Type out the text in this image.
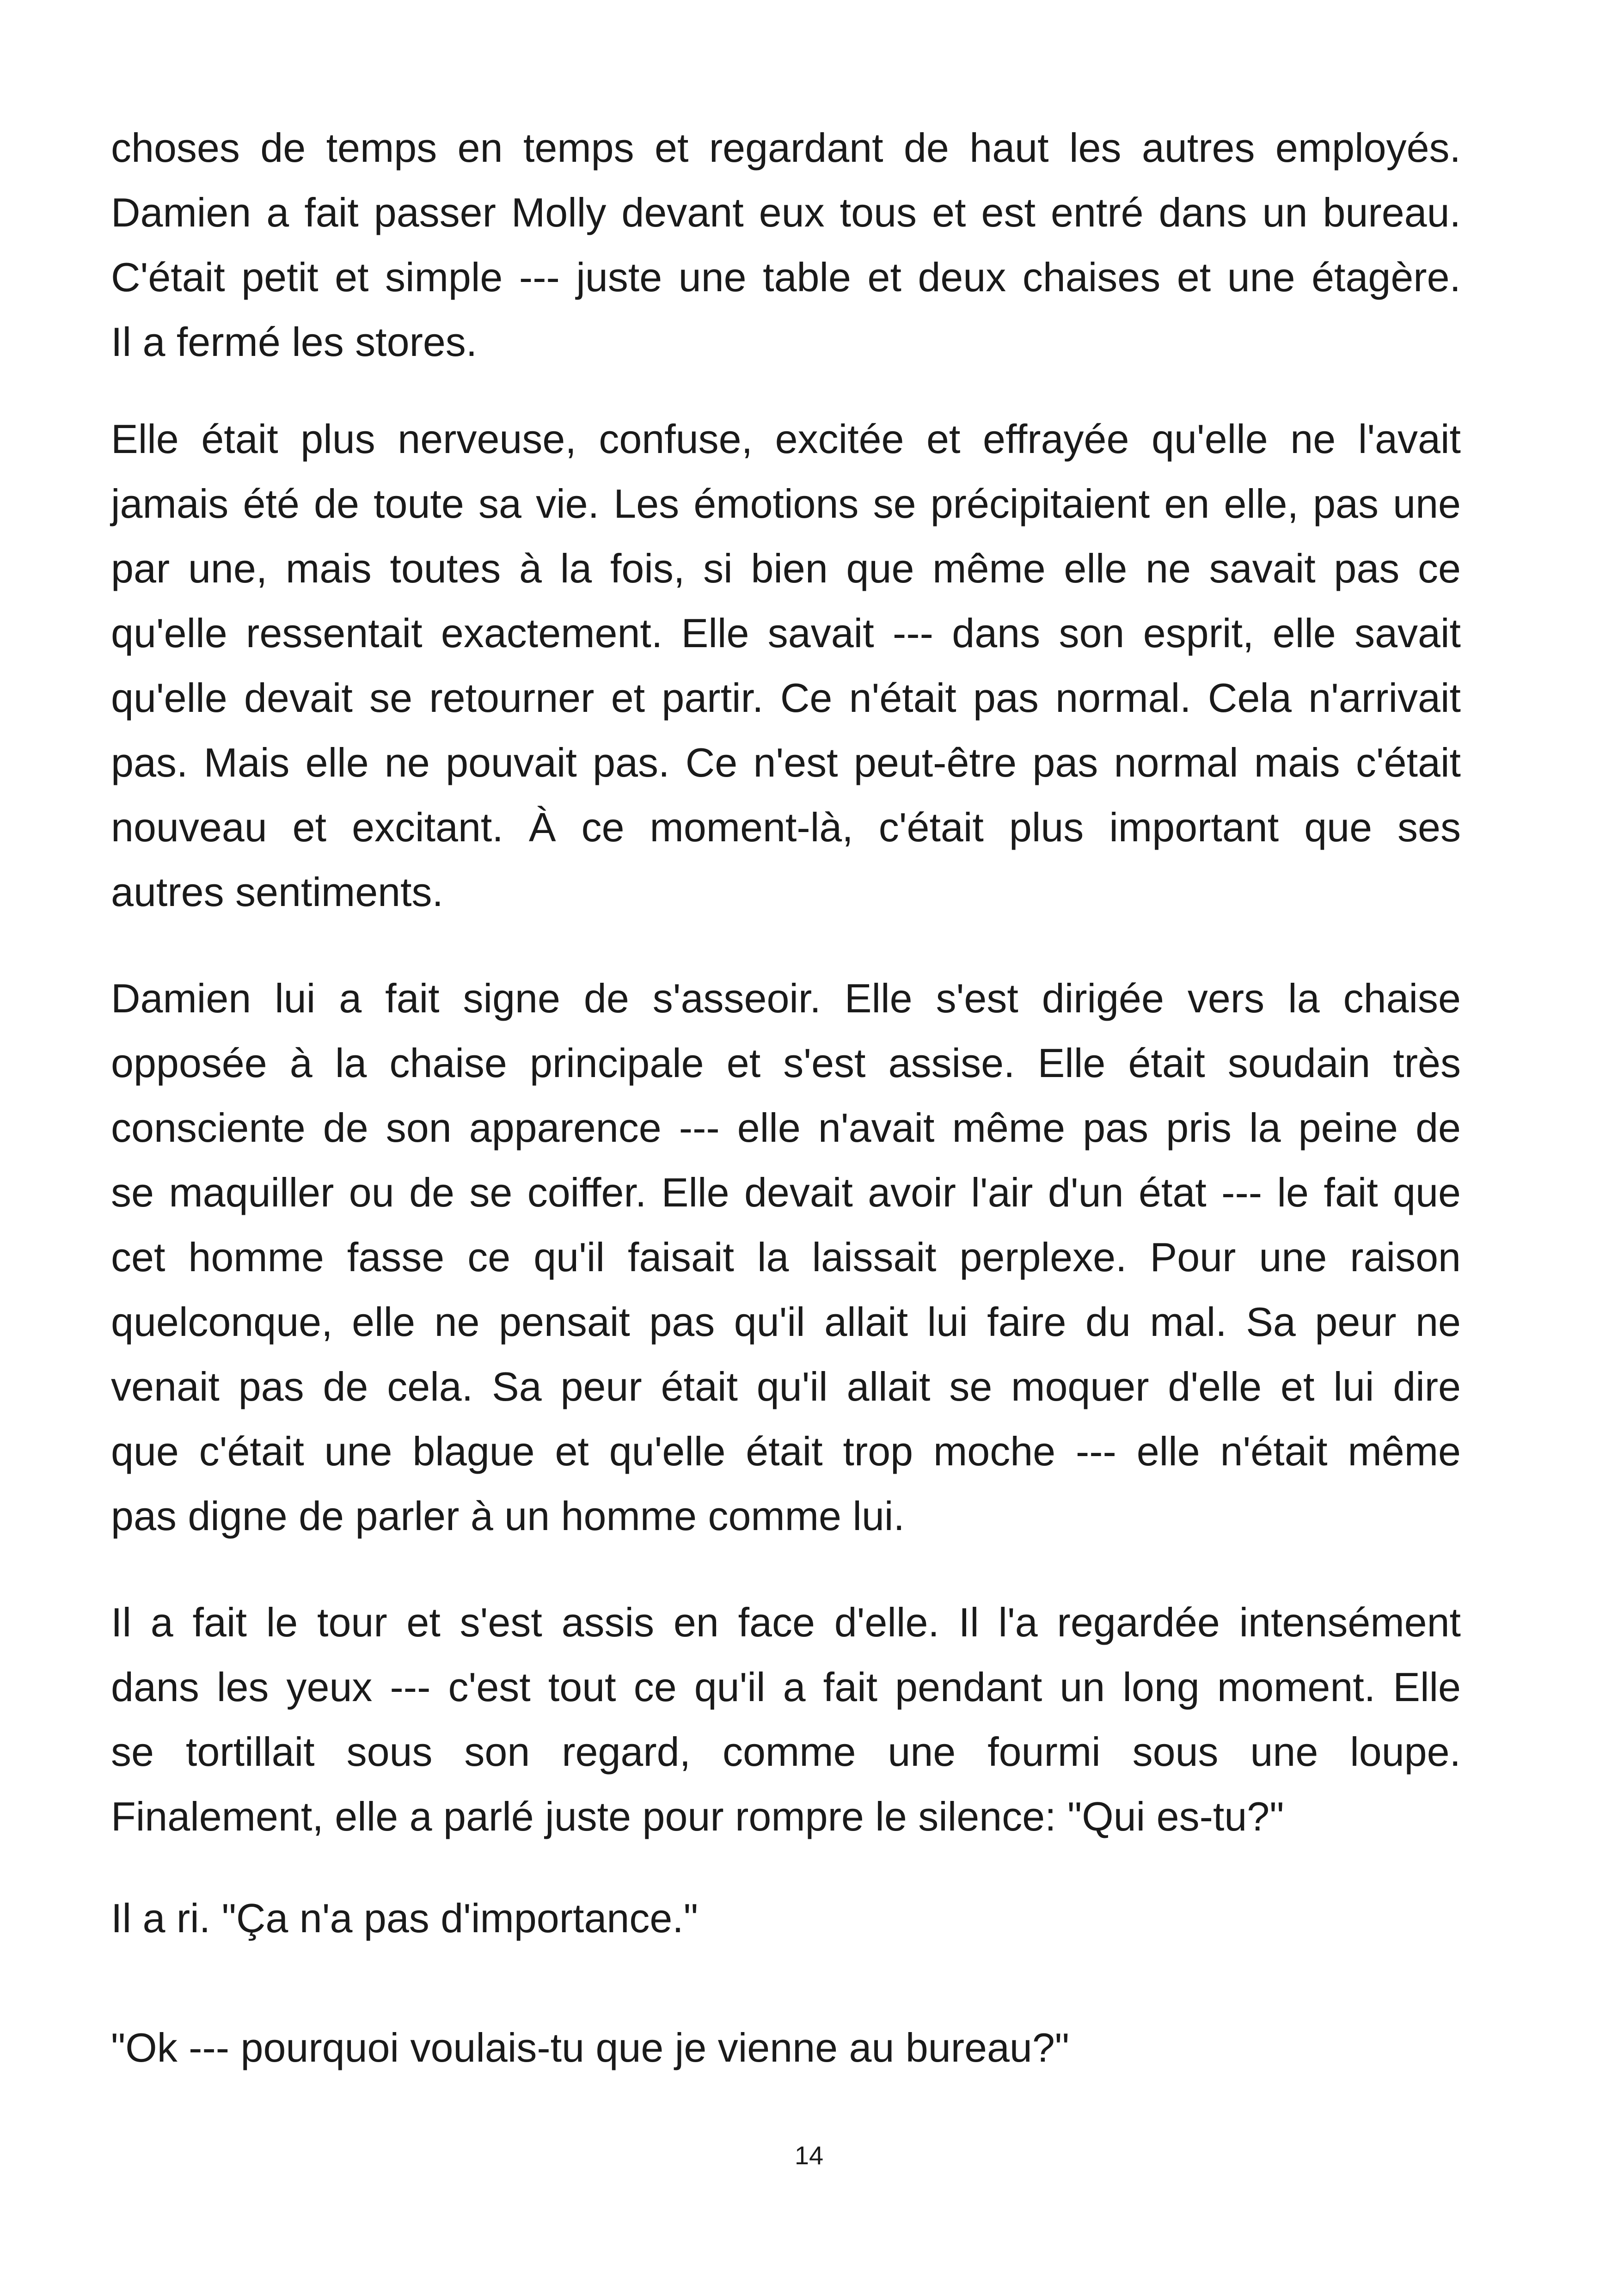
choses de temps en temps et regardant de haut les autres employés.
Damien a fait passer Molly devant eux tous et est entré dans un bureau.
C'était petit et simple --- juste une table et deux chaises et une étagère.
Il a fermé les stores.

Elle était plus nerveuse, confuse, excitée et effrayée qu'elle ne l'avait
jamais été de toute sa vie. Les émotions se précipitaient en elle, pas une
par une, mais toutes à la fois, si bien que même elle ne savait pas ce
qu'elle ressentait exactement. Elle savait --- dans son esprit, elle savait
qu'elle devait se retourner et partir. Ce n'était pas normal. Cela n'arrivait
pas. Mais elle ne pouvait pas. Ce n'est peut-être pas normal mais c'était
nouveau et excitant. À ce moment-là, c'était plus important que ses
autres sentiments.

Damien lui a fait signe de s'asseoir. Elle s'est dirigée vers la chaise
opposée à la chaise principale et s'est assise. Elle était soudain très
consciente de son apparence --- elle n'avait même pas pris la peine de
se maquiller ou de se coiffer. Elle devait avoir l'air d'un état --- le fait que
cet homme fasse ce qu'il faisait la laissait perplexe. Pour une raison
quelconque, elle ne pensait pas qu'il allait lui faire du mal. Sa peur ne
venait pas de cela. Sa peur était qu'il allait se moquer d'elle et lui dire
que c'était une blague et qu'elle était trop moche --- elle n'était même
pas digne de parler à un homme comme lui.

Il a fait le tour et s'est assis en face d'elle. Il l'a regardée intensément
dans les yeux --- c'est tout ce qu'il a fait pendant un long moment. Elle
se tortillait sous son regard, comme une fourmi sous une loupe.
Finalement, elle a parlé juste pour rompre le silence: "Qui es-tu?"

Il a ri. "Ça n'a pas d'importance."

"Ok --- pourquoi voulais-tu que je vienne au bureau?"

14
